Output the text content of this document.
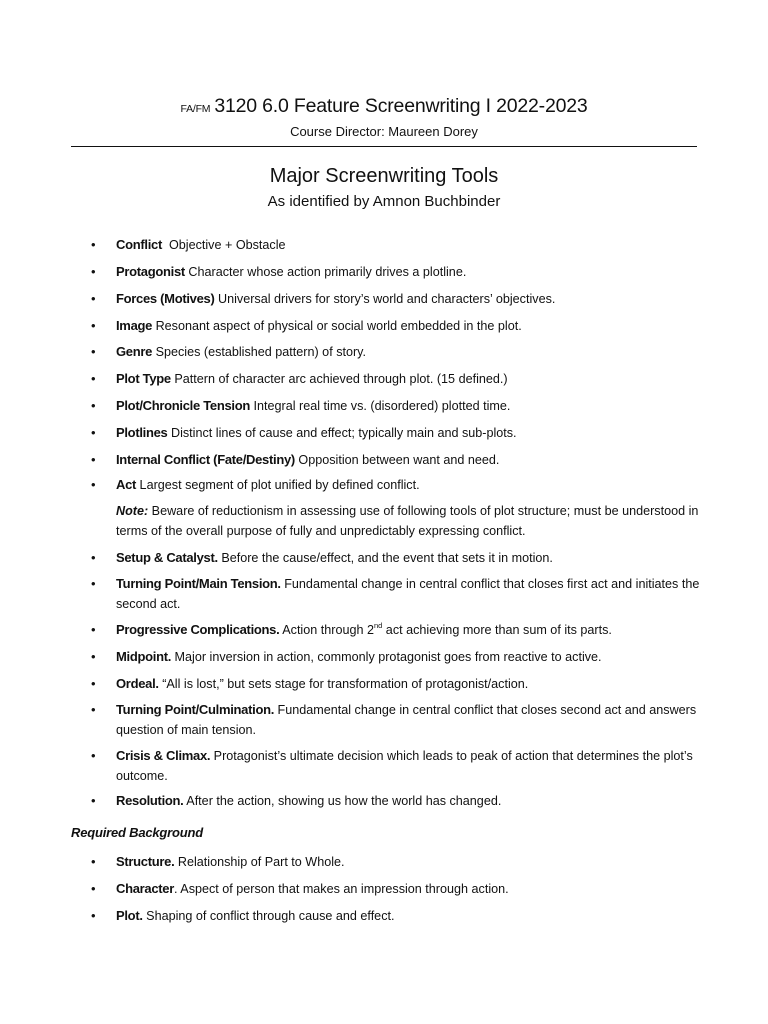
FA/FM 3120 6.0 Feature Screenwriting I 2022-2023
Course Director: Maureen Dorey
Major Screenwriting Tools
As identified by Amnon Buchbinder
• Conflict  Objective + Obstacle
• Protagonist Character whose action primarily drives a plotline.
• Forces (Motives) Universal drivers for story’s world and characters’ objectives.
• Image Resonant aspect of physical or social world embedded in the plot.
• Genre Species (established pattern) of story.
• Plot Type Pattern of character arc achieved through plot. (15 defined.)
• Plot/Chronicle Tension Integral real time vs. (disordered) plotted time.
• Plotlines Distinct lines of cause and effect; typically main and sub-plots.
• Internal Conflict (Fate/Destiny) Opposition between want and need.
• Act Largest segment of plot unified by defined conflict.
Note: Beware of reductionism in assessing use of following tools of plot structure; must be understood in terms of the overall purpose of fully and unpredictably expressing conflict.
• Setup & Catalyst. Before the cause/effect, and the event that sets it in motion.
• Turning Point/Main Tension. Fundamental change in central conflict that closes first act and initiates the second act.
• Progressive Complications. Action through 2nd act achieving more than sum of its parts.
• Midpoint. Major inversion in action, commonly protagonist goes from reactive to active.
• Ordeal. “All is lost,” but sets stage for transformation of protagonist/action.
• Turning Point/Culmination. Fundamental change in central conflict that closes second act and answers question of main tension.
• Crisis & Climax. Protagonist’s ultimate decision which leads to peak of action that determines the plot’s outcome.
• Resolution. After the action, showing us how the world has changed.
Required Background
• Structure. Relationship of Part to Whole.
• Character. Aspect of person that makes an impression through action.
• Plot. Shaping of conflict through cause and effect.
